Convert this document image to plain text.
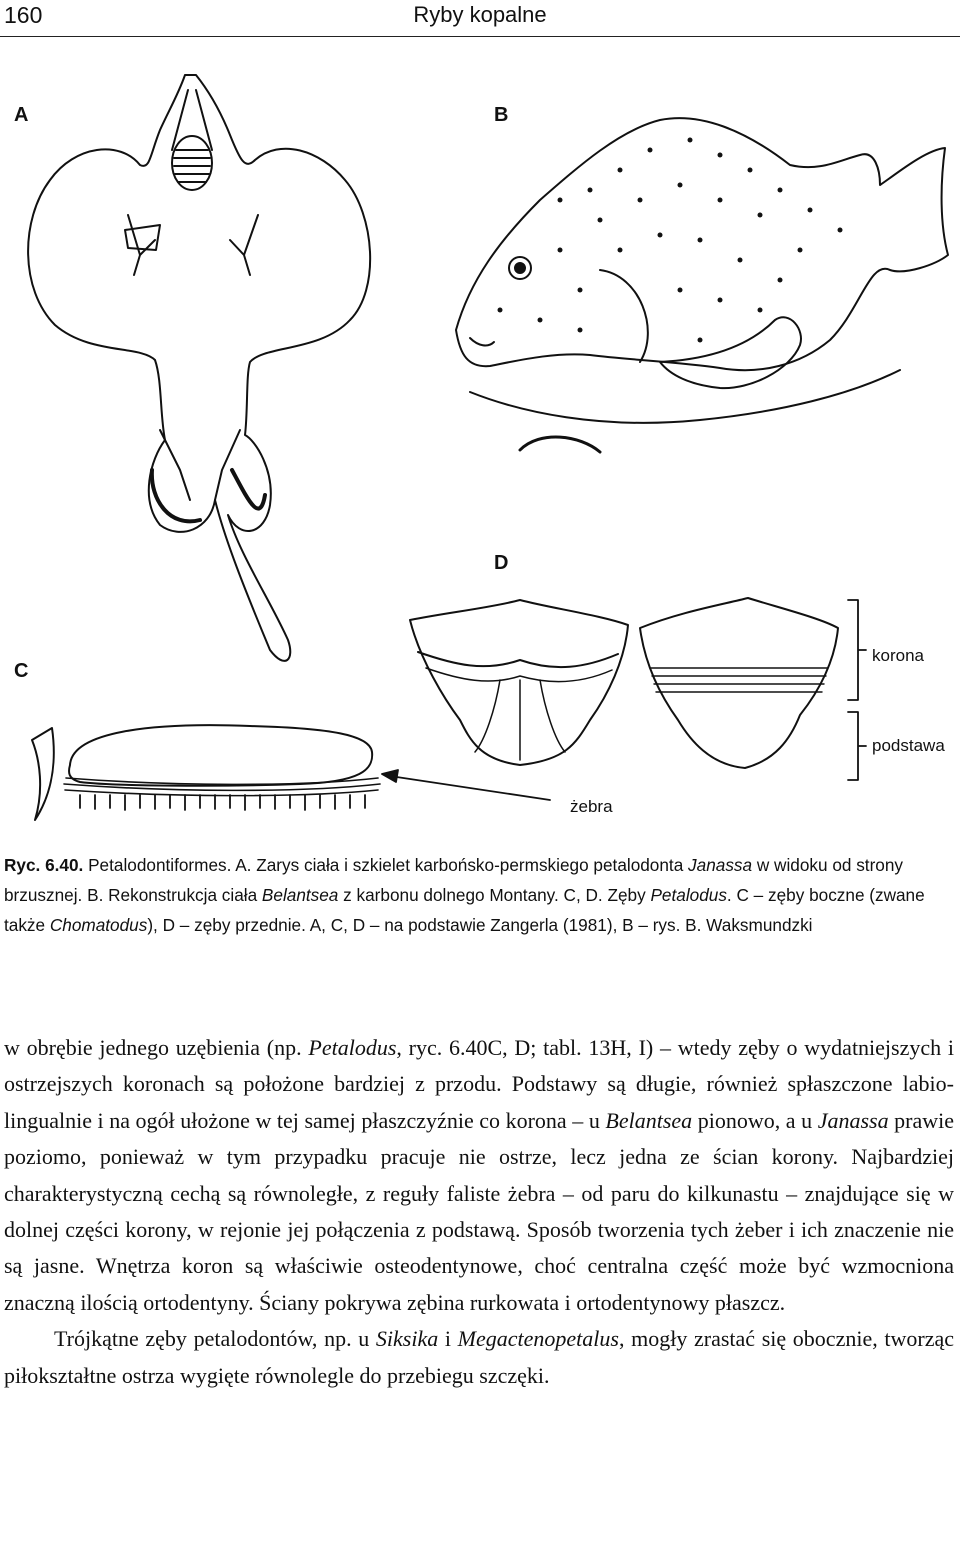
160	Ryby kopalne
A	B
C
D
korona
podstawa
żebra
Ryc. 6.40. Petalodontiformes. A. Zarys ciała i szkielet karbońsko-permskiego petalodonta Janassa w widoku od strony brzusznej. B. Rekonstrukcja ciała Belantsea z karbonu dolnego Montany. C, D. Zęby Petalodus. C – zęby boczne (zwane także Chomatodus), D – zęby przednie. A, C, D – na podstawie Zangerla (1981), B – rys. B. Waksmundzki

w obrębie jednego uzębienia (np. Petalodus, ryc. 6.40C, D; tabl. 13H, I) – wtedy zęby o wydatniejszych i ostrzejszych koronach są położone bardziej z przodu. Podstawy są długie, również spłaszczone labio-lingualnie i na ogół ułożone w tej samej płaszczyźnie co korona – u Belantsea pionowo, a u Janassa prawie poziomo, ponieważ w tym przypadku pracuje nie ostrze, lecz jedna ze ścian korony. Najbardziej charakterystyczną cechą są równoległe, z reguły faliste żebra – od paru do kilkunastu – znajdujące się w dolnej części korony, w rejonie jej połączenia z podstawą. Sposób tworzenia tych żeber i ich znaczenie nie są jasne. Wnętrza koron są właściwie osteodentynowe, choć centralna część może być wzmocniona znaczną ilością ortodentyny. Ściany pokrywa zębina rurkowata i ortodentynowy płaszcz.

Trójkątne zęby petalodontów, np. u Siksika i Megactenopetalus, mogły zrastać się obocznie, tworząc piłokształtne ostrza wygięte równolegle do przebiegu szczęki.
